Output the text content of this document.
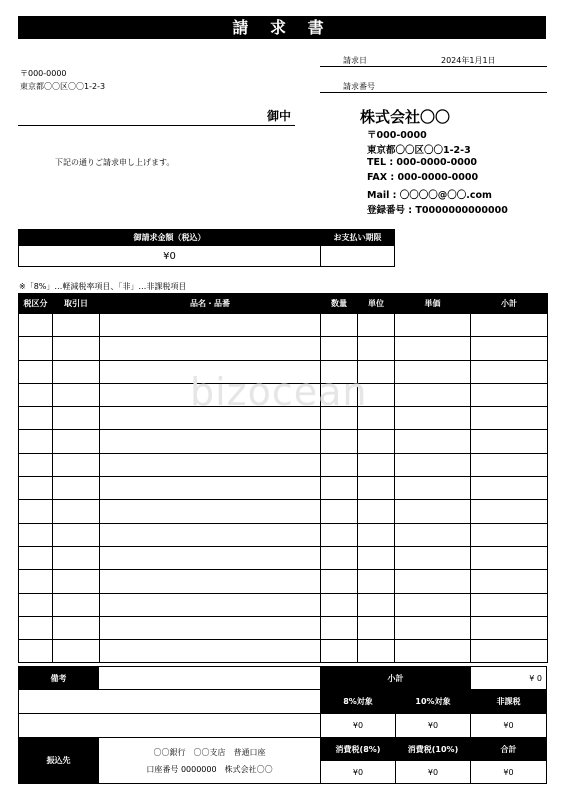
請 求 書
請求日	2024年1月1日
請求番号
〒000-0000
東京都〇〇区〇〇1-2-3
御中
下記の通りご請求申し上げます。
株式会社〇〇
〒000-0000
東京都〇〇区〇〇1-2-3
TEL : 000-0000-0000
FAX : 000-0000-0000
Mail : 〇〇〇〇@〇〇.com
登録番号 : T0000000000000
御請求金額（税込）	お支払い期限
¥0
※「8%」…軽減税率項目、「非」…非課税項目
税区分	取引日	品名・品番	数量	単位	単価	小計

備考
振込先
〇〇銀行　〇〇支店　普通口座
口座番号 0000000　株式会社〇〇
小計	¥ 0
8%対象	10%対象	非課税
¥0	¥0	¥0
消費税(8%)	消費税(10%)	合計
¥0	¥0	¥0
bizocean
